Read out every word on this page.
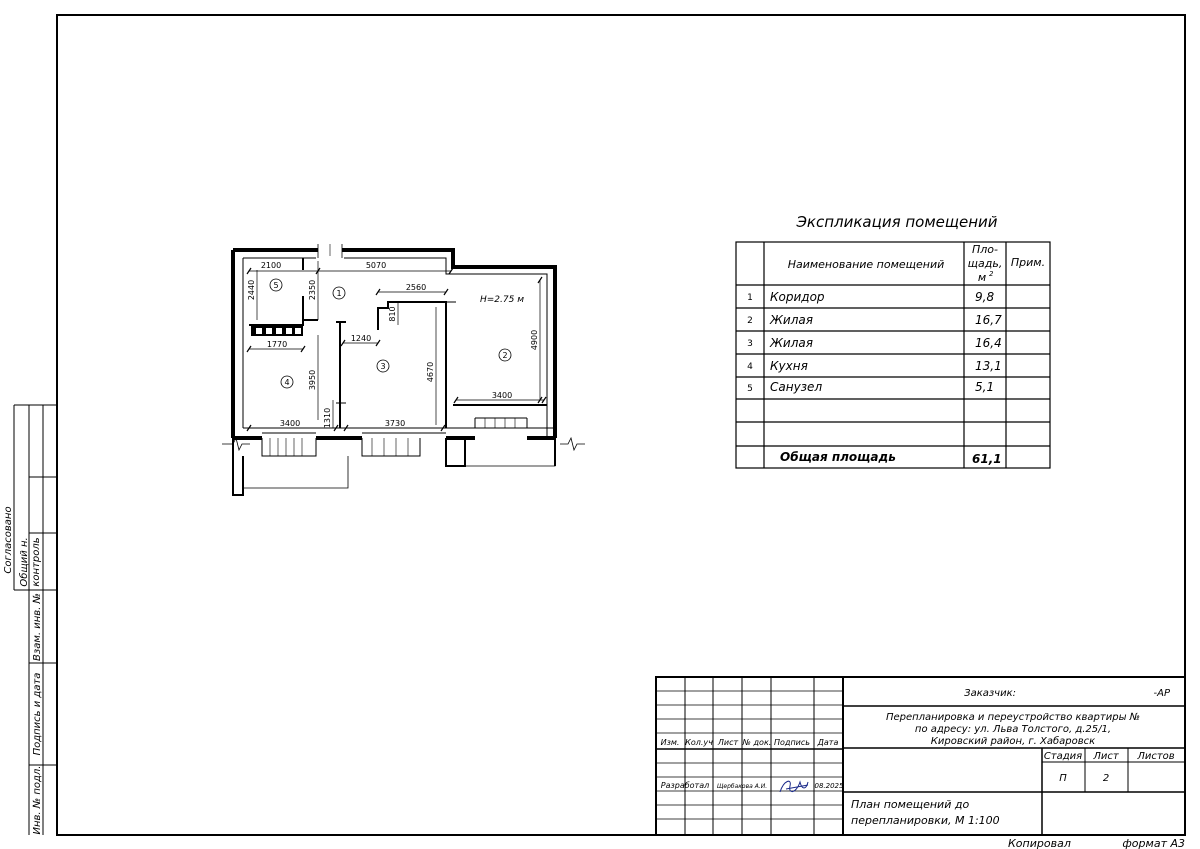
Согласовано Общий н. контроль
Взам. инв. №
Подпись и дата
Инв. № подл.
1
2
3
4
5
H=2.75 м
2100	5070
2440	2350	2560
810
4900
1770
1240
4670
3950
3400	1310	3730
3400
Экспликация помещений
Наименование помещений
Пло-
щадь,
м 2
Прим.
1 Коридор	9,8
2 Жилая	16,7
3 Жилая	16,4
4 Кухня	13,1
5 Санузел	5,1
Общая площадь	61,1
Заказчик:	-АР
Перепланировка и переустройство квартиры №
по адресу: ул. Льва Толстого, д.25/1,
Кировский район, г. Хабаровск
Изм. Кол.уч Лист № док. Подпись Дата
Стадия Лист Листов
П	2
Разработал Щербакова А.И.	08.2025
План помещений до
перепланировки, М 1:100
Копировал	формат А3
